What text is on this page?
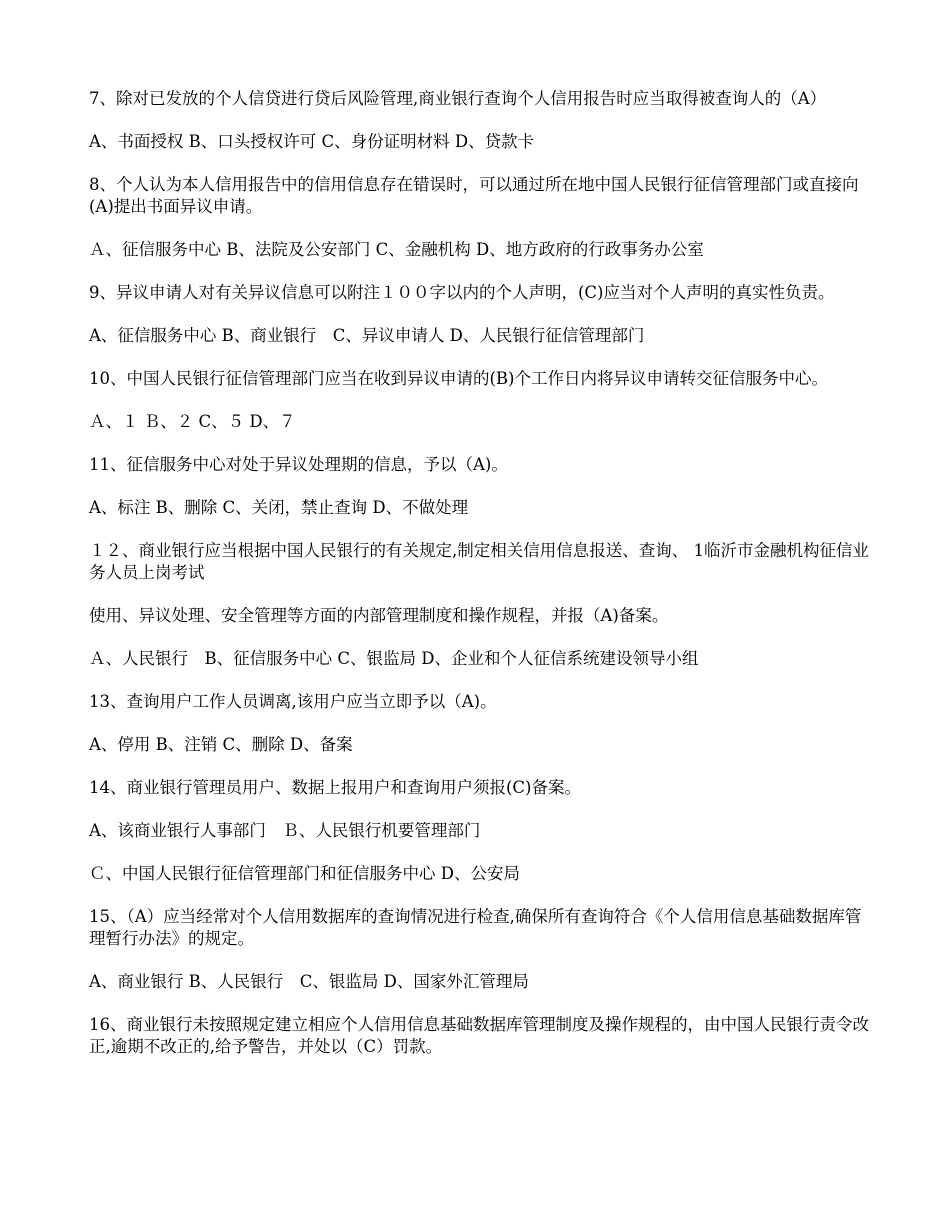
7、除对已发放的个人信贷进行贷后风险管理,商业银行查询个人信用报告时应当取得被查询人的（A）

A、书面授权 B、口头授权许可 C、身份证明材料 D、贷款卡

8、个人认为本人信用报告中的信用信息存在错误时，可以通过所在地中国人民银行征信管理部门或直接向(A)提出书面异议申请。

Ａ、征信服务中心 B、法院及公安部门 C、金融机构 D、地方政府的行政事务办公室

9、异议申请人对有关异议信息可以附注１００字以内的个人声明，(C)应当对个人声明的真实性负责。

A、征信服务中心 B、商业银行　C、异议申请人 D、人民银行征信管理部门

10、中国人民银行征信管理部门应当在收到异议申请的(B)个工作日内将异议申请转交征信服务中心。

Ａ、１ Ｂ、２ C、５ D、７

11、征信服务中心对处于异议处理期的信息，予以（A)。

A、标注 B、删除 C、关闭，禁止查询 D、不做处理

１２、商业银行应当根据中国人民银行的有关规定,制定相关信用信息报送、查询、 1临沂市金融机构征信业务人员上岗考试

使用、异议处理、安全管理等方面的内部管理制度和操作规程，并报（A)备案。

Ａ、人民银行　B、征信服务中心 C、银监局 D、企业和个人征信系统建设领导小组

13、查询用户工作人员调离,该用户应当立即予以（A)。

A、停用 B、注销 C、删除 D、备案

14、商业银行管理员用户、数据上报用户和查询用户须报(C)备案。

A、该商业银行人事部门　Ｂ、人民银行机要管理部门

Ｃ、中国人民银行征信管理部门和征信服务中心 D、公安局

15、（A）应当经常对个人信用数据库的查询情况进行检查,确保所有查询符合《个人信用信息基础数据库管理暂行办法》的规定。

A、商业银行 B、人民银行　C、银监局 D、国家外汇管理局

16、商业银行未按照规定建立相应个人信用信息基础数据库管理制度及操作规程的，由中国人民银行责令改正,逾期不改正的,给予警告，并处以（C）罚款。
